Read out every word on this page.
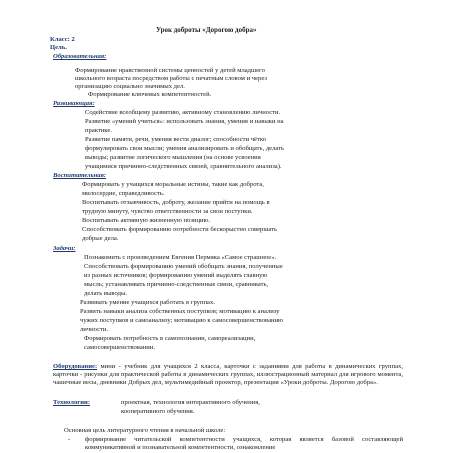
Урок доброты «Дорогою добра»
Класс: 2
Цель.
Образовательная:
Формирование нравственной системы ценностей у детей младшего
школьного возраста посредством работы с печатным словом и через
организацию социально значимых дел.
Формирование ключевых компетентностей.
Развивающая:
Содействие всеобщему развитию, активному становлению личности.
Развитие «умений учиться»: использовать знания, умения и навыки на
практике.
Развитие памяти, речи, умения вести диалог; способности чётко
формулировать свои мысли; умения анализировать и обобщать, делать
выводы; развитие логического мышления (на основе усвоения
учащимися причинно-следственных связей, сравнительного анализа).
Воспитательная:
Формировать у учащихся моральные истины, такие как доброта,
милосердие, справедливость.
Воспитывать отзывчивость, доброту, желание прийти на помощь в
трудную минуту, чувство ответственности за свои поступки.
Воспитывать активную жизненную позицию.
Способствовать формированию потребности бескорыстно совершать
добрые дела.
Задачи:
Познакомить с произведением Евгения Пермяка «Самое страшное».
Способствовать формированию умений обобщать знания, полученные
из разных источников; формированию умений выделять главную
мысль; устанавливать причинно-следственные связи, сравнивать,
делать выводы.
Развивать умение учащихся работать в группах.
Развить навыки анализа собственных поступков; мотивацию к анализу
чужих поступков и самоанализу; мотивацию к самосовершенствованию
личности.
Формировать потребность в самопознании, самореализации,
самосовершенствовании.
Оборудование: мини - учебник для учащихся 2 класса, карточки с заданиями для работы в динамических группах, карточки - рисунки для практической работы в динамических группах, иллюстрационный материал для игрового момента, чашечные весы, дневники Добрых дел, мультимедийный проектор, презентация «Уроки доброты. Дорогою добра».
Технологии:	проектная, технология интерактивного обучения,
кооперативного обучения.
Основная цель литературного чтения в начальной школе:
- формирование читательской компетентности учащихся, которая является базовой составляющей коммуникативной и познавательной компетентности, ознакомление
